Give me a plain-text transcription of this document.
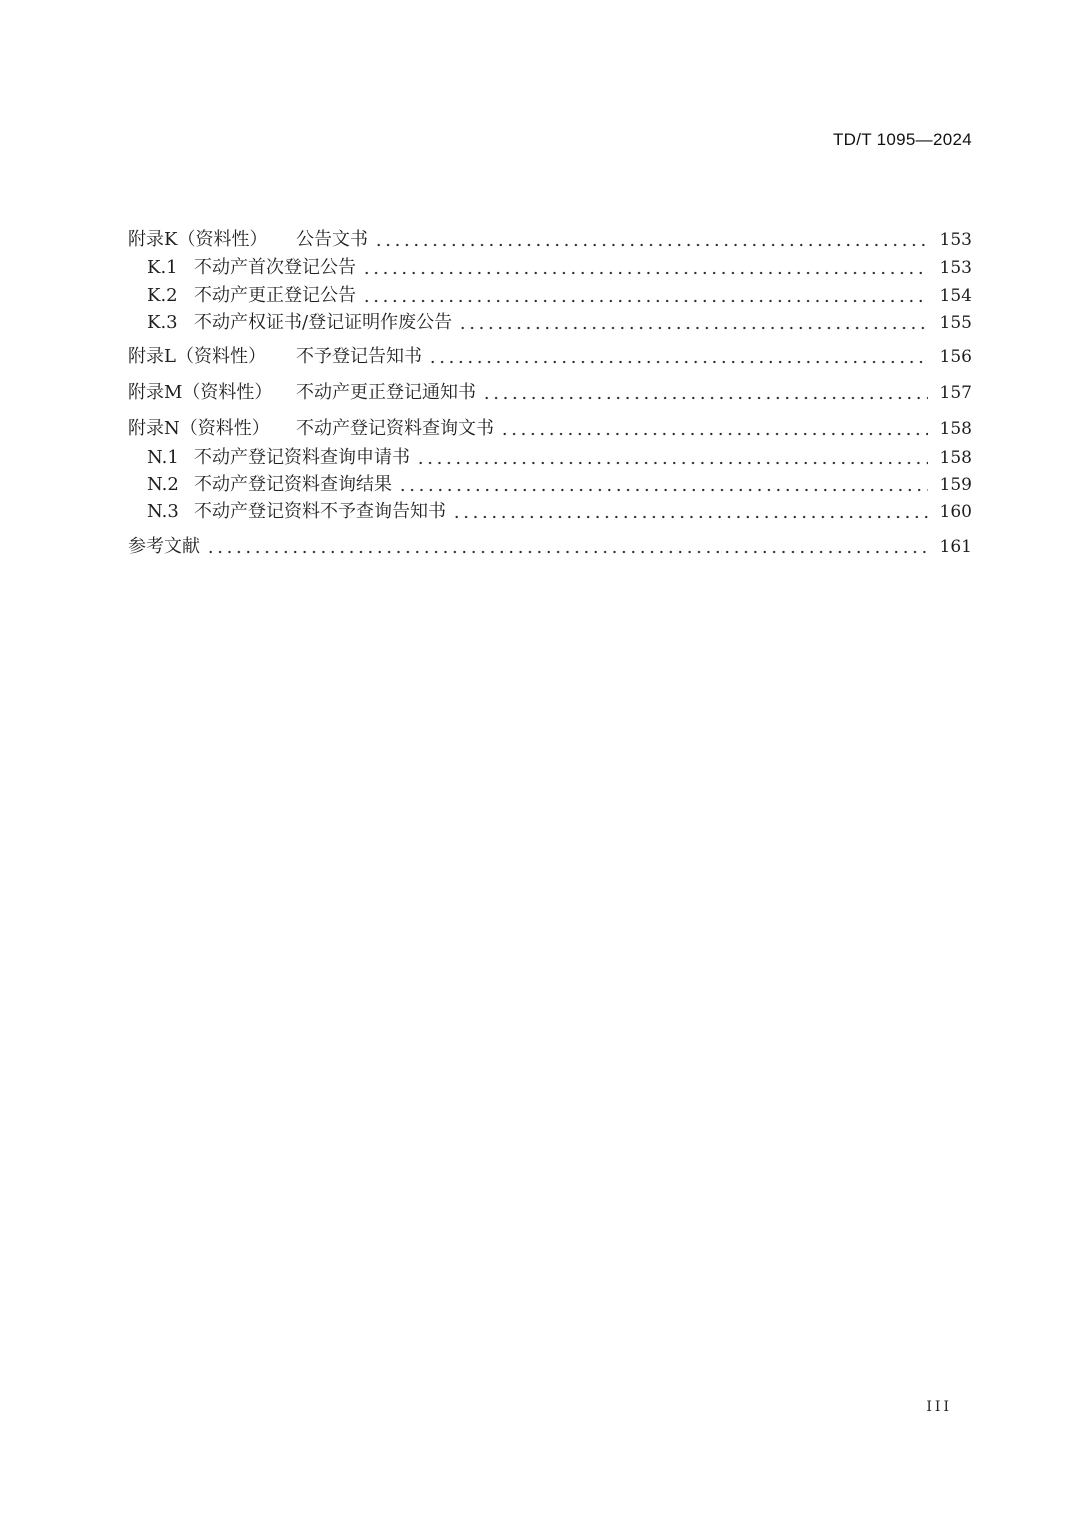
TD/T 1095—2024
附录K（资料性）	公告文书	153
K.1 不动产首次登记公告	153
K.2 不动产更正登记公告	154
K.3 不动产权证书/登记证明作废公告	155
附录L（资料性）	不予登记告知书	156
附录M（资料性）	不动产更正登记通知书	157
附录N（资料性）	不动产登记资料查询文书	158
N.1 不动产登记资料查询申请书	158
N.2 不动产登记资料查询结果	159
N.3 不动产登记资料不予查询告知书	160
参考文献	161
III
